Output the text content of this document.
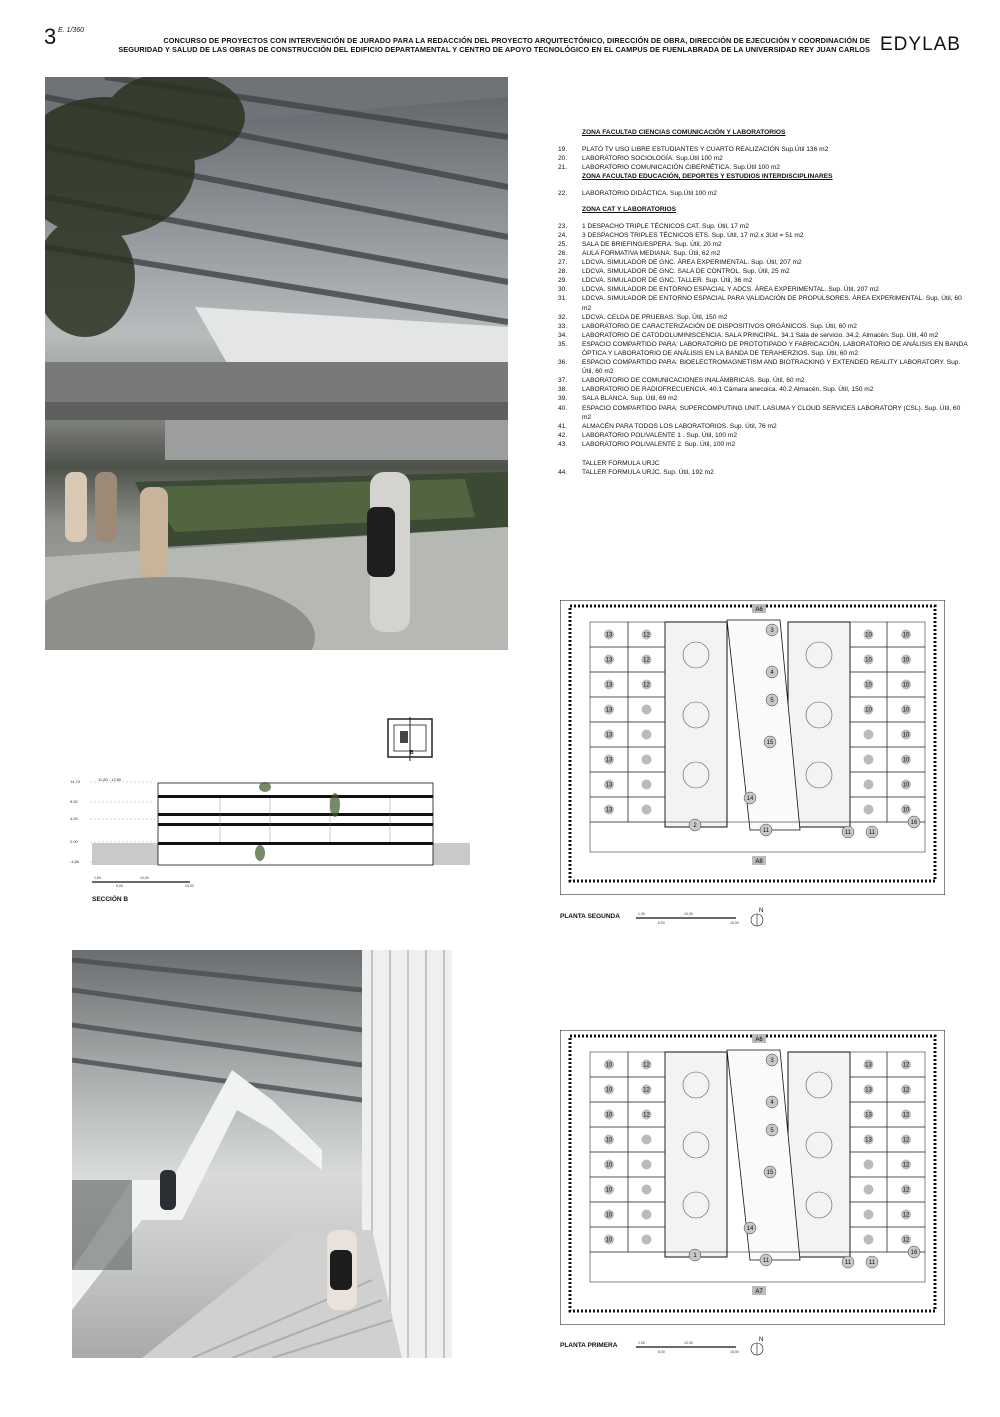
3 E. 1/360
CONCURSO DE PROYECTOS CON INTERVENCIÓN DE JURADO PARA LA REDACCIÓN DEL PROYECTO ARQUITECTÓNICO, DIRECCIÓN DE OBRA, DIRECCIÓN DE EJECUCIÓN Y COORDINACIÓN DE
SEGURIDAD Y SALUD DE LAS OBRAS DE CONSTRUCCIÓN DEL EDIFICIO DEPARTAMENTAL Y CENTRO DE APOYO TECNOLÓGICO EN EL CAMPUS DE FUENLABRADA DE LA UNIVERSIDAD REY JUAN CARLOS EDYLAB
ZONA FACULTAD CIENCIAS COMUNICACIÓN Y LABORATORIOS
19.	PLATÓ TV USO LIBRE ESTUDIANTES Y CUARTO REALIZACIÓN Sup.Útil 136 m2
20.	LABORATORIO SOCIOLOGÍA. Sup.Útil 100 m2
21.	LABORATORIO COMUNICACIÓN CIBERNÉTICA. Sup.Útil 100 m2
ZONA FACULTAD EDUCACIÓN, DEPORTES Y ESTUDIOS INTERDISCIPLINARES
22.	LABORATORIO DIDÁCTICA. Sup.Útil 100 m2
ZONA CAT Y LABORATORIOS
23.	1 DESPACHO TRIPLE TÉCNICOS CAT. Sup. Útil, 17 m2
24.	3 DESPACHOS TRIPLES TÉCNICOS ETS. Sup. Útil, 17 m2 x 3Ud = 51 m2
25.	SALA DE BRIEFING/ESPERA. Sup. Útil, 20 m2
26.	AULA FORMATIVA MEDIANA. Sup. Útil, 62 m2
27.	LDCVA. SIMULADOR DE GNC. ÁREA EXPERIMENTAL. Sup. Útil, 207 m2
28.	LDCVA. SIMULADOR DE GNC. SALA DE CONTROL. Sup. Útil, 25 m2
29.	LDCVA. SIMULADOR DE GNC. TALLER. Sup. Útil, 36 m2
30.	LDCVA. SIMULADOR DE ENTORNO ESPACIAL Y ADCS. ÁREA EXPERIMENTAL. Sup. Útil, 207 m2
31.	LDCVA. SIMULADOR DE ENTORNO ESPACIAL PARA VALIDACIÓN DE PROPULSORES. ÁREA EXPERIMENTAL. Sup. Útil, 60 m2
32.	LDCVA. CELDA DE PRUEBAS. Sup. Útil, 150 m2
33.	LABORATORIO DE CARACTERIZACIÓN DE DISPOSITIVOS ORGÁNICOS. Sup. Útil, 60 m2
34.	LABORATORIO DE CATODOLUMINISCENCIA. SALA PRINCIPAL. 34.1 Sala de servicio. 34.2. Almacén. Sup. Útil, 40 m2
35.	ESPACIO COMPARTIDO PARA: LABORATORIO DE PROTOTIPADO Y FABRICACIÓN, LABORATORIO DE ANÁLISIS EN BANDA ÓPTICA Y LABORATORIO DE ANÁLISIS EN LA BANDA DE TERAHERZIOS. Sup. Útil, 60 m2
36.	ESPACIO COMPARTIDO PARA: BIOELECTROMAGNETISM AND BIOTRACKING Y EXTENDED REALITY LABORATORY. Sup. Útil, 60 m2
37.	LABORATORIO DE COMUNICACIONES INALÁMBRICAS. Sup. Útil, 60 m2
38.	LABORATORIO DE RADIOFRECUENCIA. 40.1 Cámara anecoica. 40.2 Almacén. Sup. Útil, 150 m2
39.	SALA BLANCA. Sup. Útil, 69 m2
40.	ESPACIO COMPARTIDO PARA: SUPERCOMPUTING UNIT. LASUMA Y CLOUD SERVICES LABORATORY (CSL). Sup. Útil, 60 m2
41.	ALMACÉN PARA TODOS LOS LABORATORIOS. Sup. Útil, 76 m2
42.	LABORATORIO POLIVALENTE 1 . Sup. Útil, 100 m2
43.	LABORATORIO POLIVALENTE 2. Sup. Útil, 100 m2
TALLER FORMULA URJC
44.	TALLER FORMULA URJC. Sup. Útil, 192 m2
B
14,74
9,52
4,53
0,00
-4,80
11,80 - 12,60
1,80
5,00
10,00
15,00
SECCIÓN B
13
13
13
13
13
13
13
13
12
12
12
10
10
10
10
10
10
10
10
10
10
10
10
3
4
5
15
14
2
11	11	11
16
A6
A8
PLANTA SEGUNDA	1,00
5,00
10,00
15,00
N
10
10
10
10
10
10
10
10
12
12
12
13
13
13
13
12
12
12
12
12
12
12
12
3
4
5
15
14
1
11	11	11
16
A6
A7
PLANTA PRIMERA	1,00
5,00
10,00
15,00
N
